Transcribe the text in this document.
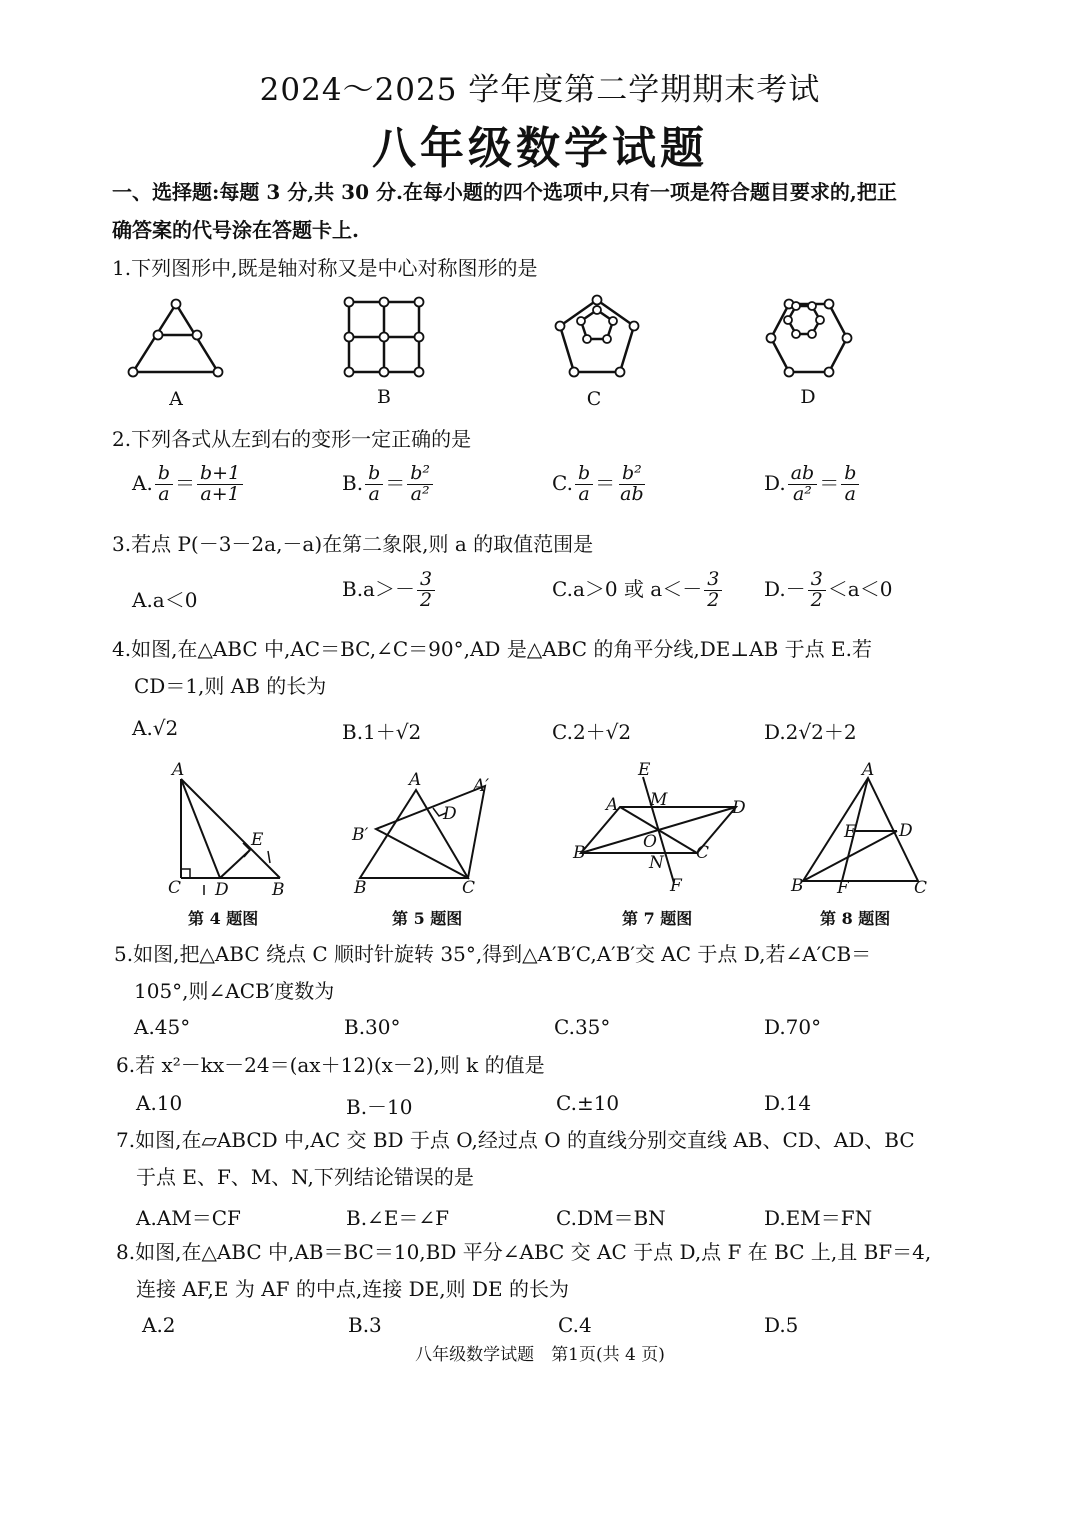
2024～2025 学年度第二学期期末考试
八年级数学试题
一、选择题:每题 3 分,共 30 分.在每小题的四个选项中,只有一项是符合题目要求的,把正
确答案的代号涂在答题卡上.
1.下列图形中,既是轴对称又是中心对称图形的是
A	B	C	D
2.下列各式从左到右的变形一定正确的是
A. $\frac{b}{a} = \frac{b+1}{a+1}$	B. $\frac{b}{a} = \frac{\text{b²}}{\text{a²}}$	C. $\frac{b}{a} = \frac{\text{b²}}{ab}$	D. $\frac{ab}{\text{a²}} = \frac{b}{a}$
3.若点 P(－3－2a,－a)在第二象限,则 a 的取值范围是
A.a＜0	$B.a>- \frac{3}{2}$	C.a＞0 或 $a<- \frac{3}{2} D.- \frac{3}{2} <a<0$
4.如图,在△ABC 中,AC＝BC,∠C＝90°,AD 是△ABC 的角平分线,DE⊥AB 于点 E.若
CD＝1,则 AB 的长为
A.√2	B.1＋√2	C.2＋√2	D.2√2＋2
A
C D	B
E
A	A′
D
B′
B	C
E
A M	D
O
B	N C
F
A
E	D
B F	C
第 4 题图	第 5 题图	第 7 题图	第 8 题图
5.如图,把△ABC 绕点 C 顺时针旋转 35°,得到△A′B′C,A′B′交 AC 于点 D,若∠A′CB＝
105°,则∠ACB′度数为
A.45°	B.30°	C.35°	D.70°
6.若 x²－kx－24＝(ax＋12)(x－2),则 k 的值是
A.10	B.－10	C.±10	D.14
7.如图,在▱ABCD 中,AC 交 BD 于点 O,经过点 O 的直线分别交直线 AB、CD、AD、BC
于点 E、F、M、N,下列结论错误的是
A.AM＝CF	B.∠E＝∠F	C.DM＝BN	D.EM＝FN
8.如图,在△ABC 中,AB＝BC＝10,BD 平分∠ABC 交 AC 于点 D,点 F 在 BC 上,且 BF＝4,
连接 AF,E 为 AF 的中点,连接 DE,则 DE 的长为
A.2	B.3	C.4	D.5
八年级数学试题　第1页(共 4 页)
